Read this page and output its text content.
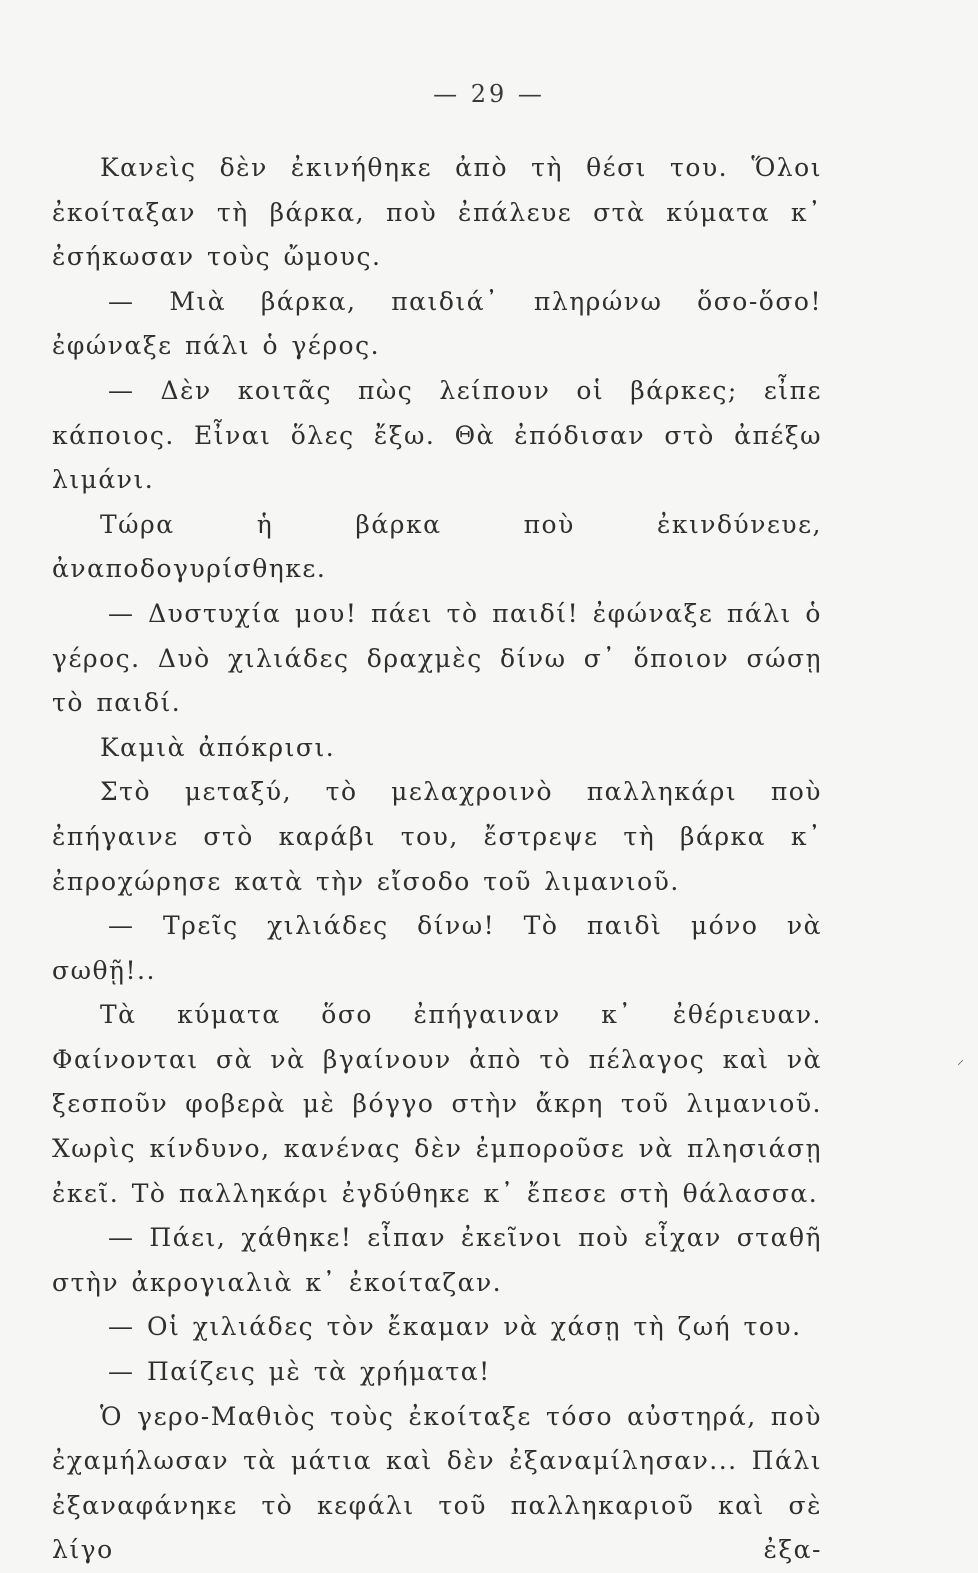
— 29 —

Κανεὶς δὲν ἐκινήθηκε ἀπὸ τὴ θέσι του. Ὅλοι ἐκοίταξαν τὴ βάρκα, ποὺ ἐπάλευε στὰ κύματα κ᾽ ἐσήκωσαν τοὺς ὤμους.

— Μιὰ βάρκα, παιδιά᾽ πληρώνω ὅσο-ὅσο! ἐφώναξε πάλι ὁ γέρος.

— Δὲν κοιτᾶς πὼς λείπουν οἱ βάρκες; εἶπε κάποιος. Εἶναι ὅλες ἔξω. Θὰ ἐπόδισαν στὸ ἀπέξω λιμάνι.

Τώρα ἡ βάρκα ποὺ ἐκινδύνευε, ἀναποδογυρίσθηκε.

— Δυστυχία μου! πάει τὸ παιδί! ἐφώναξε πάλι ὁ γέρος. Δυὸ χιλιάδες δραχμὲς δίνω σ᾽ ὅποιον σώσῃ τὸ παιδί.

Καμιὰ ἀπόκρισι.

Στὸ μεταξύ, τὸ μελαχροινὸ παλληκάρι ποὺ ἐπήγαινε στὸ καράβι του, ἔστρεψε τὴ βάρκα κ᾽ ἐπροχώρησε κατὰ τὴν εἴσοδο τοῦ λιμανιοῦ.

— Τρεῖς χιλιάδες δίνω! Τὸ παιδὶ μόνο νὰ σωθῇ!..

Τὰ κύματα ὅσο ἐπήγαιναν κ᾽ ἐθέριευαν. Φαίνονται σὰ νὰ βγαίνουν ἀπὸ τὸ πέλαγος καὶ νὰ ξεσποῦν φοβερὰ μὲ βόγγο στὴν ἄκρη τοῦ λιμανιοῦ. Χωρὶς κίνδυνο, κανένας δὲν ἐμποροῦσε νὰ πλησιάσῃ ἐκεῖ. Τὸ παλληκάρι ἐγδύθηκε κ᾽ ἔπεσε στὴ θάλασσα.

— Πάει, χάθηκε! εἶπαν ἐκεῖνοι ποὺ εἶχαν σταθῆ στὴν ἀκρογιαλιὰ κ᾽ ἐκοίταζαν.

— Οἱ χιλιάδες τὸν ἔκαμαν νὰ χάσῃ τὴ ζωή του.

— Παίζεις μὲ τὰ χρήματα!

Ὁ γερο-Μαθιὸς τοὺς ἐκοίταξε τόσο αὐστηρά, ποὺ ἐχαμήλωσαν τὰ μάτια καὶ δὲν ἐξαναμίλησαν... Πάλι ἐξαναφάνηκε τὸ κεφάλι τοῦ παλληκαριοῦ καὶ σὲ λίγο ἐξα-

⸝
